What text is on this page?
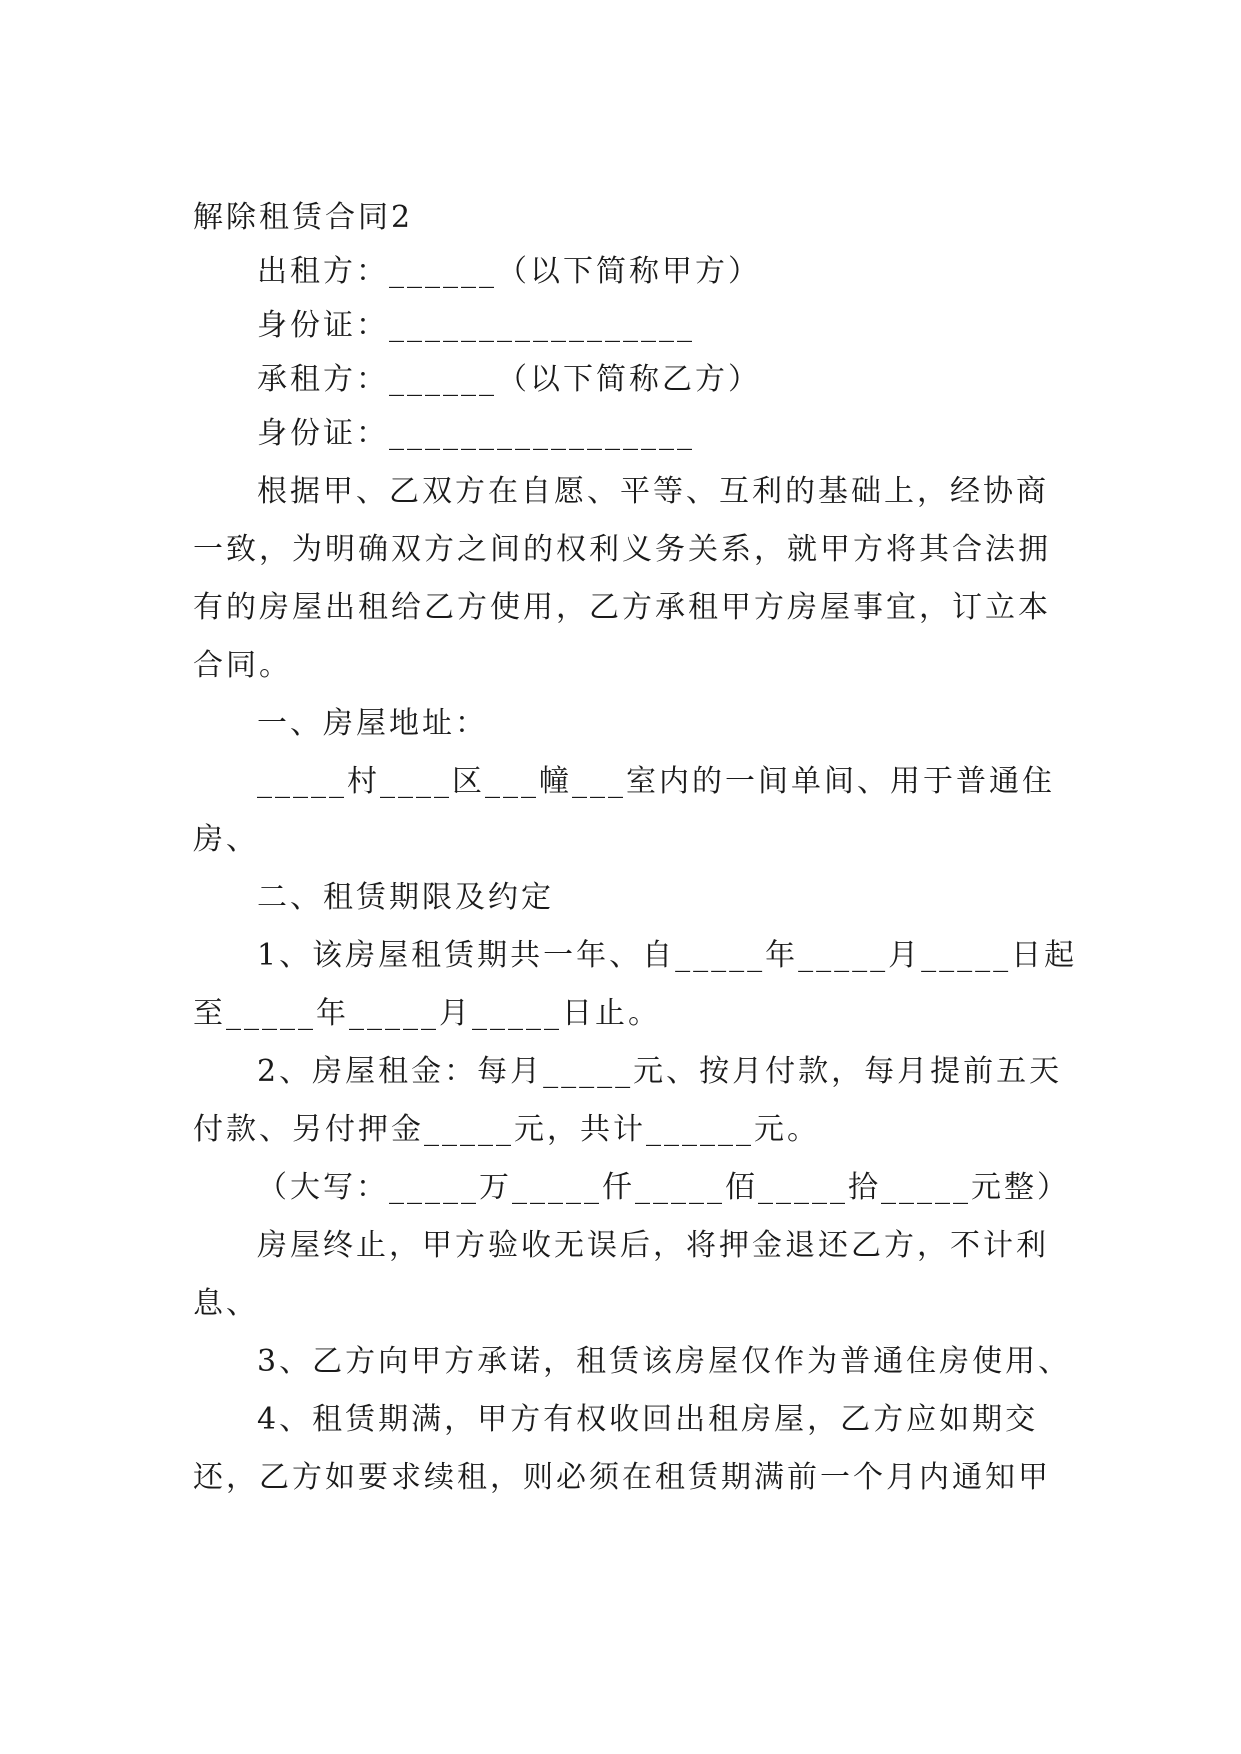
解除租赁合同2
出租方：______（以下简称甲方）
身份证：_________________
承租方：______（以下简称乙方）
身份证：_________________
根据甲、乙双方在自愿、平等、互利的基础上，经协商
一致，为明确双方之间的权利义务关系，就甲方将其合法拥
有的房屋出租给乙方使用，乙方承租甲方房屋事宜，订立本
合同。
一、房屋地址：
_____村____区___幢___室内的一间单间、用于普通住
房、
二、租赁期限及约定
1、该房屋租赁期共一年、自_____年_____月_____日起
至_____年_____月_____日止。
2、房屋租金：每月_____元、按月付款，每月提前五天
付款、另付押金_____元，共计______元。
（大写：_____万_____仟_____佰_____拾_____元整）
房屋终止，甲方验收无误后，将押金退还乙方，不计利
息、
3、乙方向甲方承诺，租赁该房屋仅作为普通住房使用、
4、租赁期满，甲方有权收回出租房屋，乙方应如期交
还，乙方如要求续租，则必须在租赁期满前一个月内通知甲
